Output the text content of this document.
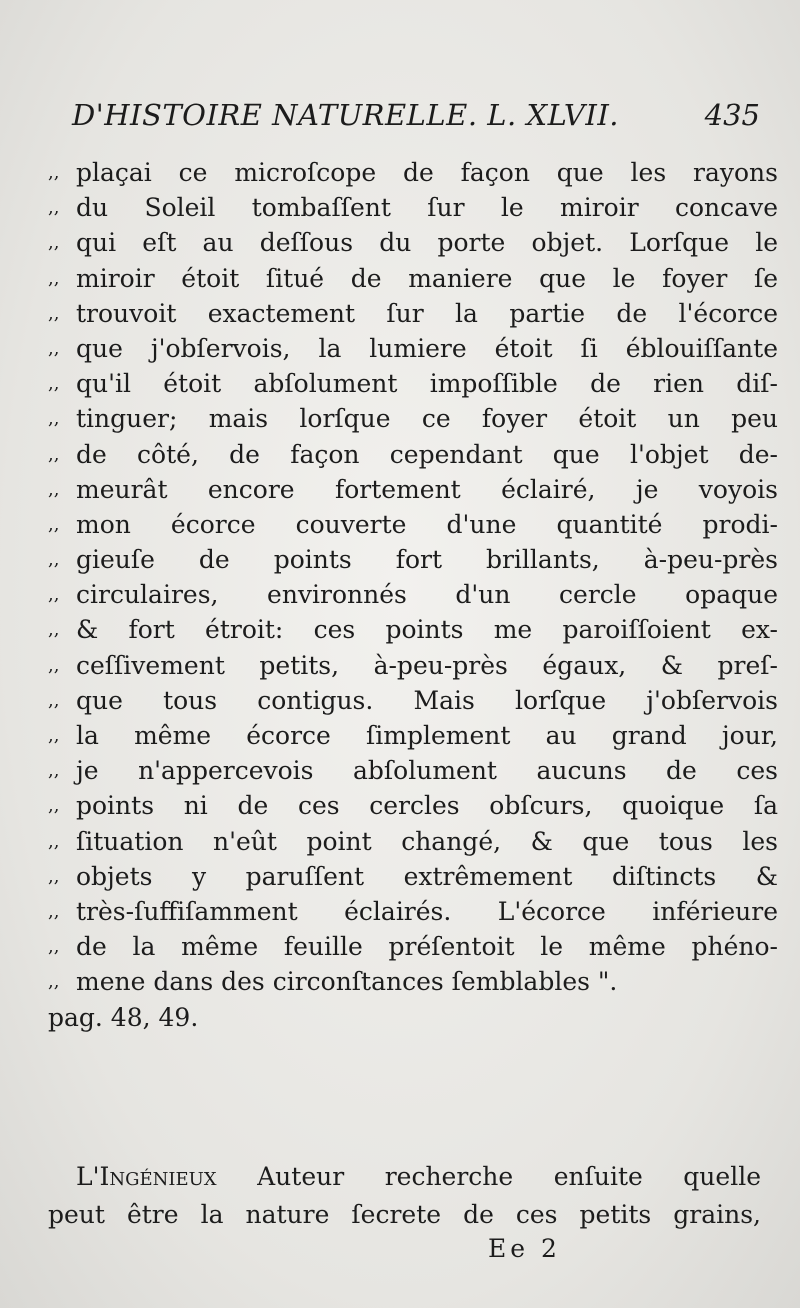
D'HISTOIRE NATURELLE. L. XLVII.	435
,, plaçai ce microſcope de façon que les rayons
,, du Soleil tombaſſent ſur le miroir concave
,, qui eſt au deſſous du porte objet. Lorſque le
,, miroir étoit ſitué de maniere que le foyer ſe
,, trouvoit exactement ſur la partie de l'écorce
,, que j'obſervois, la lumiere étoit ſi éblouiſſante
,, qu'il étoit abſolument impoſſible de rien diſ-
,, tinguer; mais lorſque ce foyer étoit un peu
,, de côté, de façon cependant que l'objet de-
,, meurât encore fortement éclairé, je voyois
,, mon écorce couverte d'une quantité prodi-
,, gieuſe de points fort brillants, à-peu-près
,, circulaires, environnés d'un cercle opaque
,, & fort étroit: ces points me paroiſſoient ex-
,, ceſſivement petits, à-peu-près égaux, & preſ-
,, que tous contigus. Mais lorſque j'obſervois
,, la même écorce ſimplement au grand jour,
,, je n'appercevois abſolument aucuns de ces
,, points ni de ces cercles obſcurs, quoique ſa
,, ſituation n'eût point changé, & que tous les
,, objets y paruſſent extrêmement diſtincts &
,, très-ſuffiſamment éclairés. L'écorce inférieure
,, de la même feuille préſentoit le même phéno-
,, mene dans des circonſtances ſemblables ".
pag. 48, 49.
L'Ingénieux Auteur recherche enſuite quelle
peut être la nature ſecrete de ces petits grains,
Ee 2
